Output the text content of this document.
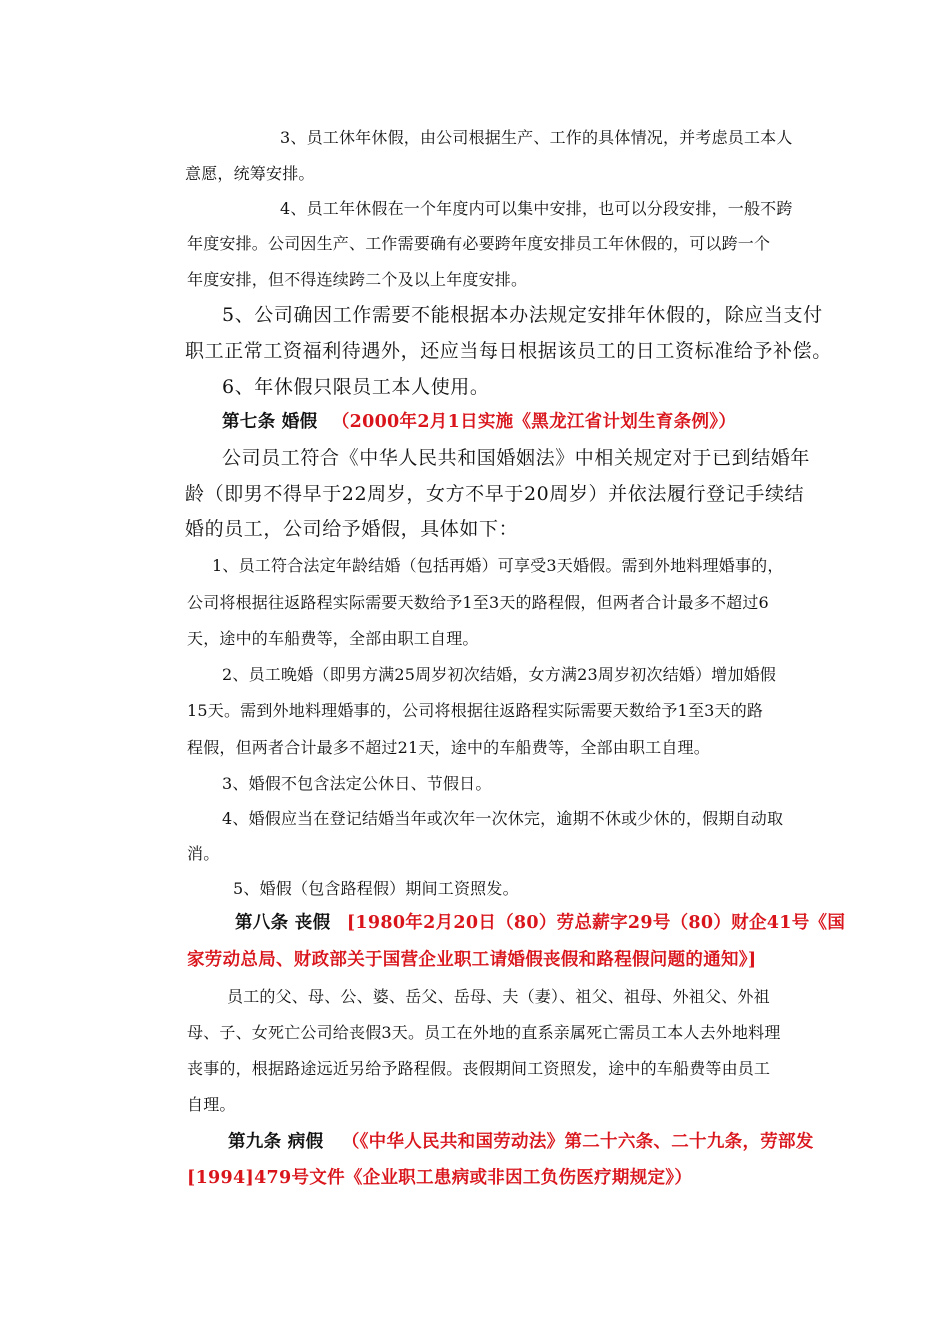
3、员工休年休假，由公司根据生产、工作的具体情况，并考虑员工本人
意愿，统筹安排。
4、员工年休假在一个年度内可以集中安排，也可以分段安排，一般不跨
年度安排。公司因生产、工作需要确有必要跨年度安排员工年休假的，可以跨一个
年度安排，但不得连续跨二个及以上年度安排。
5、公司确因工作需要不能根据本办法规定安排年休假的，除应当支付
职工正常工资福利待遇外，还应当每日根据该员工的日工资标准给予补偿。
6、年休假只限员工本人使用。
第七条 婚假 （2000年2月1日实施《黑龙江省计划生育条例》）
公司员工符合《中华人民共和国婚姻法》中相关规定对于已到结婚年
龄（即男不得早于22周岁，女方不早于20周岁）并依法履行登记手续结
婚的员工，公司给予婚假，具体如下：
1、员工符合法定年龄结婚（包括再婚）可享受3天婚假。需到外地料理婚事的，
公司将根据往返路程实际需要天数给予1至3天的路程假，但两者合计最多不超过6
天，途中的车船费等，全部由职工自理。
2、员工晚婚（即男方满25周岁初次结婚，女方满23周岁初次结婚）增加婚假
15天。需到外地料理婚事的，公司将根据往返路程实际需要天数给予1至3天的路
程假，但两者合计最多不超过21天，途中的车船费等，全部由职工自理。
3、婚假不包含法定公休日、节假日。
4、婚假应当在登记结婚当年或次年一次休完，逾期不休或少休的，假期自动取
消。
5、婚假（包含路程假）期间工资照发。
第八条 丧假 [1980年2月20日（80）劳总薪字29号（80）财企41号《国
家劳动总局、财政部关于国营企业职工请婚假丧假和路程假问题的通知》]
员工的父、母、公、婆、岳父、岳母、夫（妻）、祖父、祖母、外祖父、外祖
母、子、女死亡公司给丧假3天。员工在外地的直系亲属死亡需员工本人去外地料理
丧事的，根据路途远近另给予路程假。丧假期间工资照发，途中的车船费等由员工
自理。
第九条 病假 （《中华人民共和国劳动法》第二十六条、二十九条，劳部发
[1994]479号文件《企业职工患病或非因工负伤医疗期规定》）
